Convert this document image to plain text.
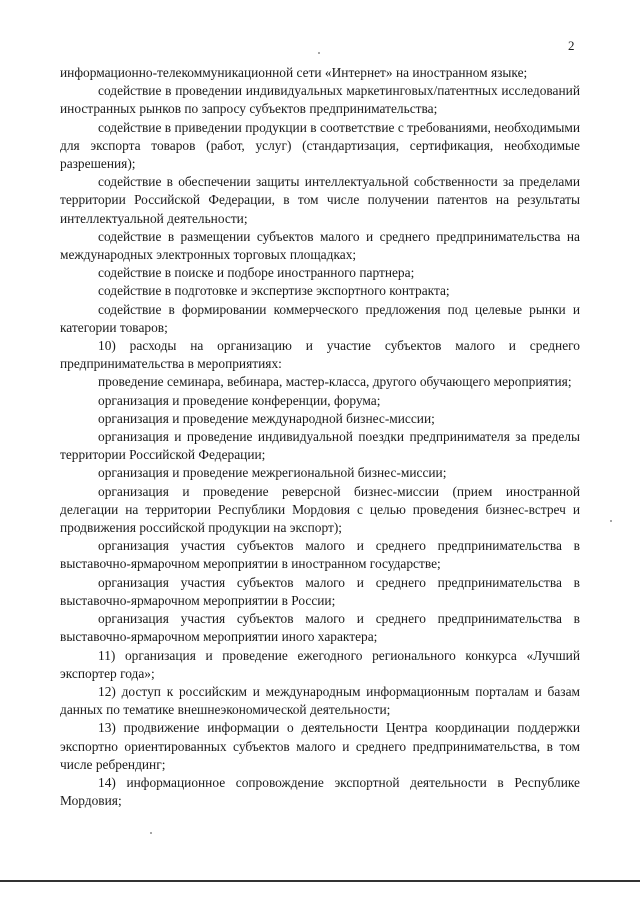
2

информационно-телекоммуникационной сети «Интернет» на иностранном языке;

содействие в проведении индивидуальных маркетинговых/патентных исследований иностранных рынков по запросу субъектов предпринимательства;

содействие в приведении продукции в соответствие с требованиями, необходимыми для экспорта товаров (работ, услуг) (стандартизация, сертификация, необходимые разрешения);

содействие в обеспечении защиты интеллектуальной собственности за пределами территории Российской Федерации, в том числе получении патентов на результаты интеллектуальной деятельности;

содействие в размещении субъектов малого и среднего предпринимательства на международных электронных торговых площадках;

содействие в поиске и подборе иностранного партнера;

содействие в подготовке и экспертизе экспортного контракта;

содействие в формировании коммерческого предложения под целевые рынки и категории товаров;

10) расходы на организацию и участие субъектов малого и среднего предпринимательства в мероприятиях:

проведение семинара, вебинара, мастер-класса, другого обучающего мероприятия;

организация и проведение конференции, форума;

организация и проведение международной бизнес-миссии;

организация и проведение индивидуальной поездки предпринимателя за пределы территории Российской Федерации;

организация и проведение межрегиональной бизнес-миссии;

организация и проведение реверсной бизнес-миссии (прием иностранной делегации на территории Республики Мордовия с целью проведения бизнес-встреч и продвижения российской продукции на экспорт);

организация участия субъектов малого и среднего предпринимательства в выставочно-ярмарочном мероприятии в иностранном государстве;

организация участия субъектов малого и среднего предпринимательства в выставочно-ярмарочном мероприятии в России;

организация участия субъектов малого и среднего предпринимательства в выставочно-ярмарочном мероприятии иного характера;

11) организация и проведение ежегодного регионального конкурса «Лучший экспортер года»;

12) доступ к российским и международным информационным порталам и базам данных по тематике внешнеэкономической деятельности;

13) продвижение информации о деятельности Центра координации поддержки экспортно ориентированных субъектов малого и среднего предпринимательства, в том числе ребрендинг;

14) информационное сопровождение экспортной деятельности в Республике Мордовия;
